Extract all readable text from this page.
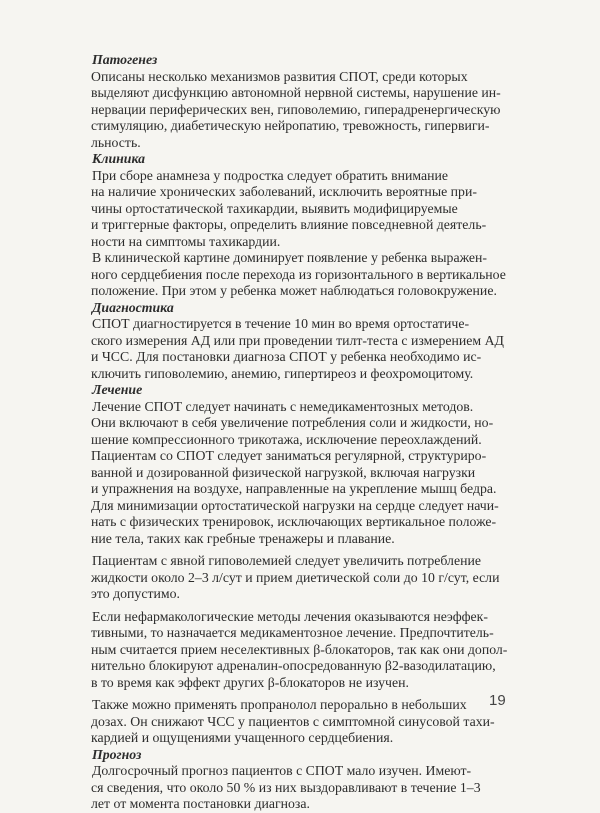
Патогенез

Описаны несколько механизмов развития СПОТ, среди которых

выделяют дисфункцию автономной нервной системы, нарушение ин-

нервации периферических вен, гиповолемию, гиперадренергическую

стимуляцию, диабетическую нейропатию, тревожность, гипервиги-

льность.

Клиника

При сборе анамнеза у подростка следует обратить внимание

на наличие хронических заболеваний, исключить вероятные при-

чины ортостатической тахикардии, выявить модифицируемые

и триггерные факторы, определить влияние повседневной деятель-

ности на симптомы тахикардии.

В клинической картине доминирует появление у ребенка выражен-

ного сердцебиения после перехода из горизонтального в вертикальное

положение. При этом у ребенка может наблюдаться головокружение.

Диагностика

СПОТ диагностируется в течение 10 мин во время ортостатиче-

ского измерения АД или при проведении тилт-теста с измерением АД

и ЧСС. Для постановки диагноза СПОТ у ребенка необходимо ис-

ключить гиповолемию, анемию, гипертиреоз и феохромоцитому.

Лечение

Лечение СПОТ следует начинать с немедикаментозных методов.

Они включают в себя увеличение потребления соли и жидкости, но-

шение компрессионного трикотажа, исключение переохлаждений.

Пациентам со СПОТ следует заниматься регулярной, структуриро-

ванной и дозированной физической нагрузкой, включая нагрузки

и упражнения на воздухе, направленные на укрепление мышц бедра.

Для минимизации ортостатической нагрузки на сердце следует начи-

нать с физических тренировок, исключающих вертикальное положе-

ние тела, таких как гребные тренажеры и плавание.

Пациентам с явной гиповолемией следует увеличить потребление

жидкости около 2–3 л/сут и прием диетической соли до 10 г/сут, если

это допустимо.

Если нефармакологические методы лечения оказываются неэффек-

тивными, то назначается медикаментозное лечение. Предпочтитель-

ным считается прием неселективных β-блокаторов, так как они допол-

нительно блокируют адреналин-опосредованную β2-вазодилатацию,

в то время как эффект других β-блокаторов не изучен.

Также можно применять пропранолол перорально в небольших

дозах. Он снижают ЧСС у пациентов с симптомной синусовой тахи-

кардией и ощущениями учащенного сердцебиения.

Прогноз

Долгосрочный прогноз пациентов с СПОТ мало изучен. Имеют-

ся сведения, что около 50 % из них выздоравливают в течение 1–3

лет от момента постановки диагноза.

19
